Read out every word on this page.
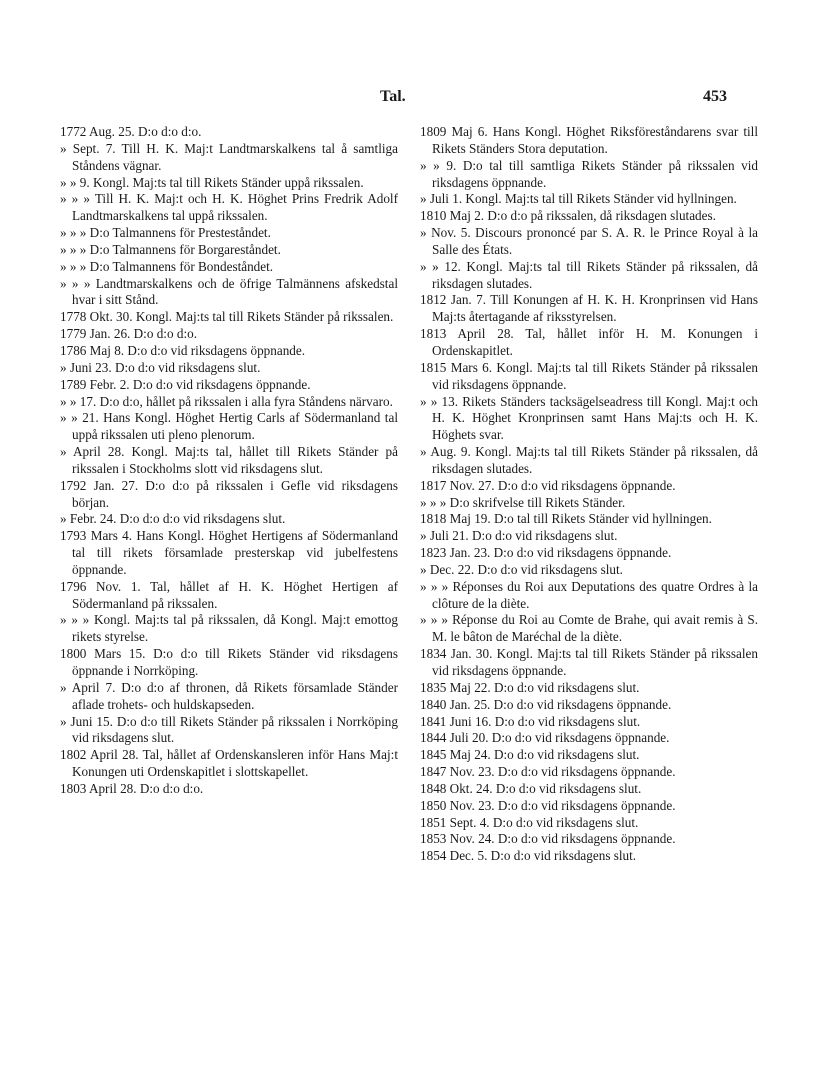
Tal.	453
1772 Aug. 25. D:o d:o d:o.
» Sept. 7. Till H. K. Maj:t Landtmarskalkens tal å samtliga Ståndens vägnar.
» » 9. Kongl. Maj:ts tal till Rikets Ständer uppå rikssalen.
» » » Till H. K. Maj:t och H. K. Höghet Prins Fredrik Adolf Landtmarskalkens tal uppå rikssalen.
» » » D:o Talmannens för Presteståndet.
» » » D:o Talmannens för Borgareståndet.
» » » D:o Talmannens för Bondeståndet.
» » » Landtmarskalkens och de öfrige Talmännens afskedstal hvar i sitt Stånd.
1778 Okt. 30. Kongl. Maj:ts tal till Rikets Ständer på rikssalen.
1779 Jan. 26. D:o d:o d:o.
1786 Maj 8. D:o d:o vid riksdagens öppnande.
» Juni 23. D:o d:o vid riksdagens slut.
1789 Febr. 2. D:o d:o vid riksdagens öppnande.
» » 17. D:o d:o, hållet på rikssalen i alla fyra Ståndens närvaro.
» » 21. Hans Kongl. Höghet Hertig Carls af Södermanland tal uppå rikssalen uti pleno plenorum.
» April 28. Kongl. Maj:ts tal, hållet till Rikets Ständer på rikssalen i Stockholms slott vid riksdagens slut.
1792 Jan. 27. D:o d:o på rikssalen i Gefle vid riksdagens början.
» Febr. 24. D:o d:o d:o vid riksdagens slut.
1793 Mars 4. Hans Kongl. Höghet Hertigens af Södermanland tal till rikets församlade presterskap vid jubelfestens öppnande.
1796 Nov. 1. Tal, hållet af H. K. Höghet Hertigen af Södermanland på rikssalen.
» » » Kongl. Maj:ts tal på rikssalen, då Kongl. Maj:t emottog rikets styrelse.
1800 Mars 15. D:o d:o till Rikets Ständer vid riksdagens öppnande i Norrköping.
» April 7. D:o d:o af thronen, då Rikets församlade Ständer aflade trohets- och huldskapseden.
» Juni 15. D:o d:o till Rikets Ständer på rikssalen i Norrköping vid riksdagens slut.
1802 April 28. Tal, hållet af Ordenskansleren inför Hans Maj:t Konungen uti Ordenskapitlet i slottskapellet.
1803 April 28. D:o d:o d:o.
1809 Maj 6. Hans Kongl. Höghet Riksföreståndarens svar till Rikets Ständers Stora deputation.
» » 9. D:o tal till samtliga Rikets Ständer på rikssalen vid riksdagens öppnande.
» Juli 1. Kongl. Maj:ts tal till Rikets Ständer vid hyllningen.
1810 Maj 2. D:o d:o på rikssalen, då riksdagen slutades.
» Nov. 5. Discours prononcé par S. A. R. le Prince Royal à la Salle des États.
» » 12. Kongl. Maj:ts tal till Rikets Ständer på rikssalen, då riksdagen slutades.
1812 Jan. 7. Till Konungen af H. K. H. Kronprinsen vid Hans Maj:ts återtagande af riksstyrelsen.
1813 April 28. Tal, hållet inför H. M. Konungen i Ordenskapitlet.
1815 Mars 6. Kongl. Maj:ts tal till Rikets Ständer på rikssalen vid riksdagens öppnande.
» » 13. Rikets Ständers tacksägelseadress till Kongl. Maj:t och H. K. Höghet Kronprinsen samt Hans Maj:ts och H. K. Höghets svar.
» Aug. 9. Kongl. Maj:ts tal till Rikets Ständer på rikssalen, då riksdagen slutades.
1817 Nov. 27. D:o d:o vid riksdagens öppnande.
» » » D:o skrifvelse till Rikets Ständer.
1818 Maj 19. D:o tal till Rikets Ständer vid hyllningen.
» Juli 21. D:o d:o vid riksdagens slut.
1823 Jan. 23. D:o d:o vid riksdagens öppnande.
» Dec. 22. D:o d:o vid riksdagens slut.
» » » Réponses du Roi aux Deputations des quatre Ordres à la clôture de la diète.
» » » Réponse du Roi au Comte de Brahe, qui avait remis à S. M. le bâton de Maréchal de la diète.
1834 Jan. 30. Kongl. Maj:ts tal till Rikets Ständer på rikssalen vid riksdagens öppnande.
1835 Maj 22. D:o d:o vid riksdagens slut.
1840 Jan. 25. D:o d:o vid riksdagens öppnande.
1841 Juni 16. D:o d:o vid riksdagens slut.
1844 Juli 20. D:o d:o vid riksdagens öppnande.
1845 Maj 24. D:o d:o vid riksdagens slut.
1847 Nov. 23. D:o d:o vid riksdagens öppnande.
1848 Okt. 24. D:o d:o vid riksdagens slut.
1850 Nov. 23. D:o d:o vid riksdagens öppnande.
1851 Sept. 4. D:o d:o vid riksdagens slut.
1853 Nov. 24. D:o d:o vid riksdagens öppnande.
1854 Dec. 5. D:o d:o vid riksdagens slut.
